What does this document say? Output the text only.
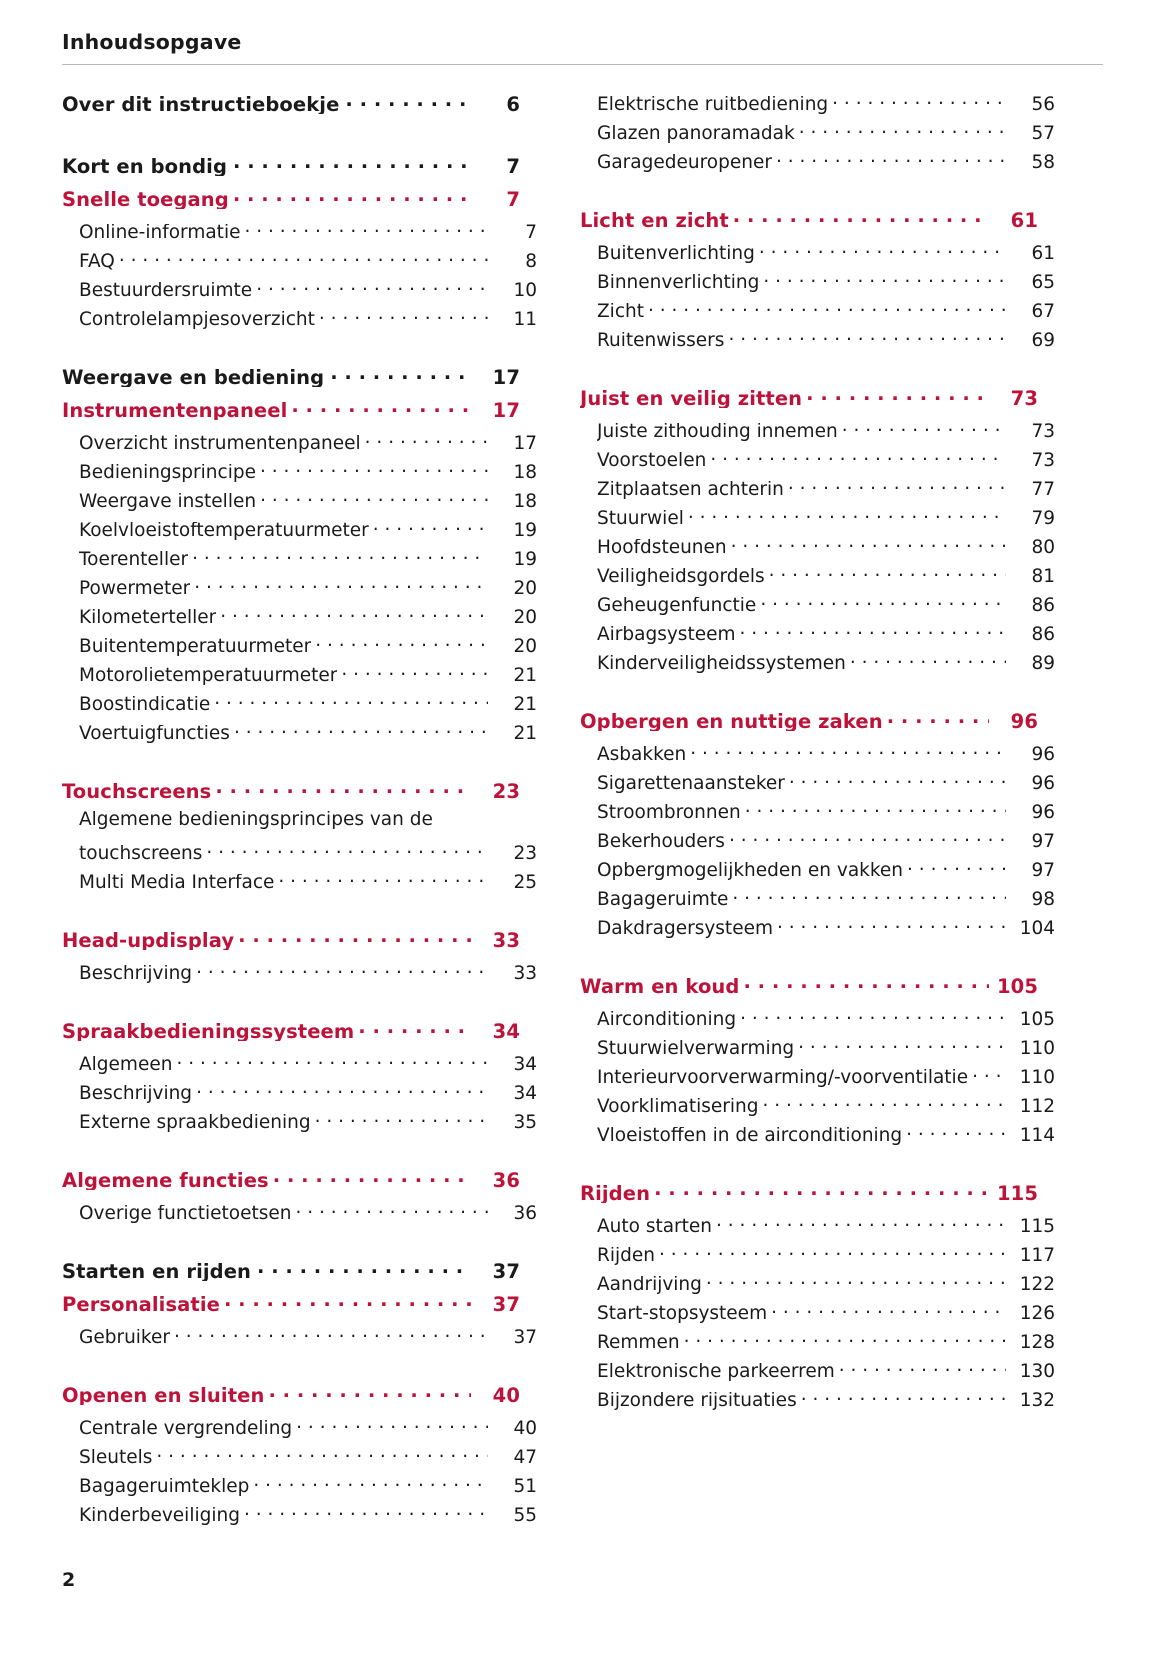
Inhoudsopgave
Over dit instructieboekje . . .	6
Kort en bondig . . .	7
Snelle toegang . . .	7
Online-informatie . . .	7
FAQ . . .	8
Bestuurdersruimte . . .	10
Controlelampjesoverzicht . . .	11
Weergave en bediening . . .	17
Instrumentenpaneel . . .	17
Overzicht instrumentenpaneel . . .	17
Bedieningsprincipe . . .	18
Weergave instellen . . .	18
Koelvloeistoftemperatuurmeter . . .	19
Toerenteller . . .	19
Powermeter . . .	20
Kilometerteller . . .	20
Buitentemperatuurmeter . . .	20
Motorolietemperatuurmeter . . .	21
Boostindicatie . . .	21
Voertuigfuncties . . .	21
Touchscreens . . .	23
Algemene bedieningsprincipes van de
touchscreens . . .	23
Multi Media Interface . . .	25
Head-updisplay . . .	33
Beschrijving . . .	33
Spraakbedieningssysteem . . .	34
Algemeen . . .	34
Beschrijving . . .	34
Externe spraakbediening . . .	35
Algemene functies . . .	36
Overige functietoetsen . . .	36
Starten en rijden . . .	37
Personalisatie . . .	37
Gebruiker . . .	37
Openen en sluiten . . .	40
Centrale vergrendeling . . .	40
Sleutels . . .	47
Bagageruimteklep . . .	51
Kinderbeveiliging . . .	55
Elektrische ruitbediening . . .	56
Glazen panoramadak . . .	57
Garagedeuropener . . .	58
Licht en zicht . . .	61
Buitenverlichting . . .	61
Binnenverlichting . . .	65
Zicht . . .	67
Ruitenwissers . . .	69
Juist en veilig zitten . . .	73
Juiste zithouding innemen . . .	73
Voorstoelen . . .	73
Zitplaatsen achterin . . .	77
Stuurwiel . . .	79
Hoofdsteunen . . .	80
Veiligheidsgordels . . .	81
Geheugenfunctie . . .	86
Airbagsysteem . . .	86
Kinderveiligheidssystemen . . .	89
Opbergen en nuttige zaken . . .	96
Asbakken . . .	96
Sigarettenaansteker . . .	96
Stroombronnen . . .	96
Bekerhouders . . .	97
Opbergmogelijkheden en vakken . . .	97
Bagageruimte . . .	98
Dakdragersysteem . . .	104
Warm en koud . . .	105
Airconditioning . . .	105
Stuurwielverwarming . . .	110
Interieurvoorverwarming/-voorventilatie . . .	110
Voorklimatisering . . .	112
Vloeistoffen in de airconditioning . . .	114
Rijden . . .	115
Auto starten . . .	115
Rijden . . .	117
Aandrijving . . .	122
Start-stopsysteem . . .	126
Remmen . . .	128
Elektronische parkeerrem . . .	130
Bijzondere rijsituaties . . .	132
2
